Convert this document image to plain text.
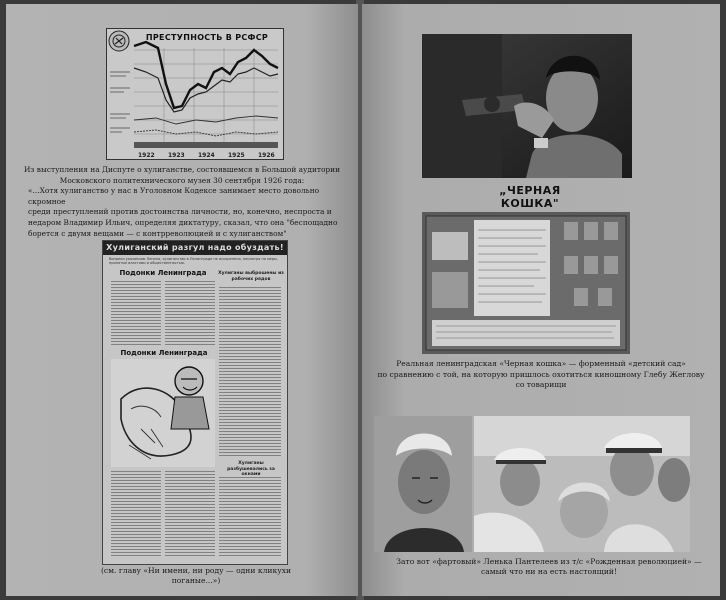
ПРЕСТУПНОСТЬ В РСФСР
1922 1923 1924 1925 1926
Из выступления на Диспуте о хулиганстве, состоявшемся в Большой аудитории
Московского политехнического музея 30 сентября 1926 года:
«...Хотя хулиганство у нас в Уголовном Кодексе занимает место довольно скромное
среди преступлений против достоинства личности, но, конечно, неспроста и
недаром Владимир Ильич, определяя диктатуру, сказал, что она "беспощадно
борется с двумя вещами — с контрреволюцией и с хулиганством"
Хулиганский разгул надо обуздать!
Вопреки указаниям Ленина, хулиганство в Ленинграде не искоренено, несмотря на меры, принятые властями и общественностью.
Подонки Ленинграда	Хулиганы выброшены из рабочих рядов
Подонки Ленинграда
Хулиганы разбушевались за окнами
(см. главу «Ни имени, ни роду — одни кликухи
поганые...»)
„ЧЕРНАЯ КОШКА"
Реальная ленинградская «Черная кошка» — форменный «детский сад»
по сравнению с той, на которую пришлось охотиться киношному Глебу Жеглову
со товарищи
Зато вот «фартовый» Ленька Пантелеев из т/с «Рожденная революцией» —
самый что ни на есть настоящий!
